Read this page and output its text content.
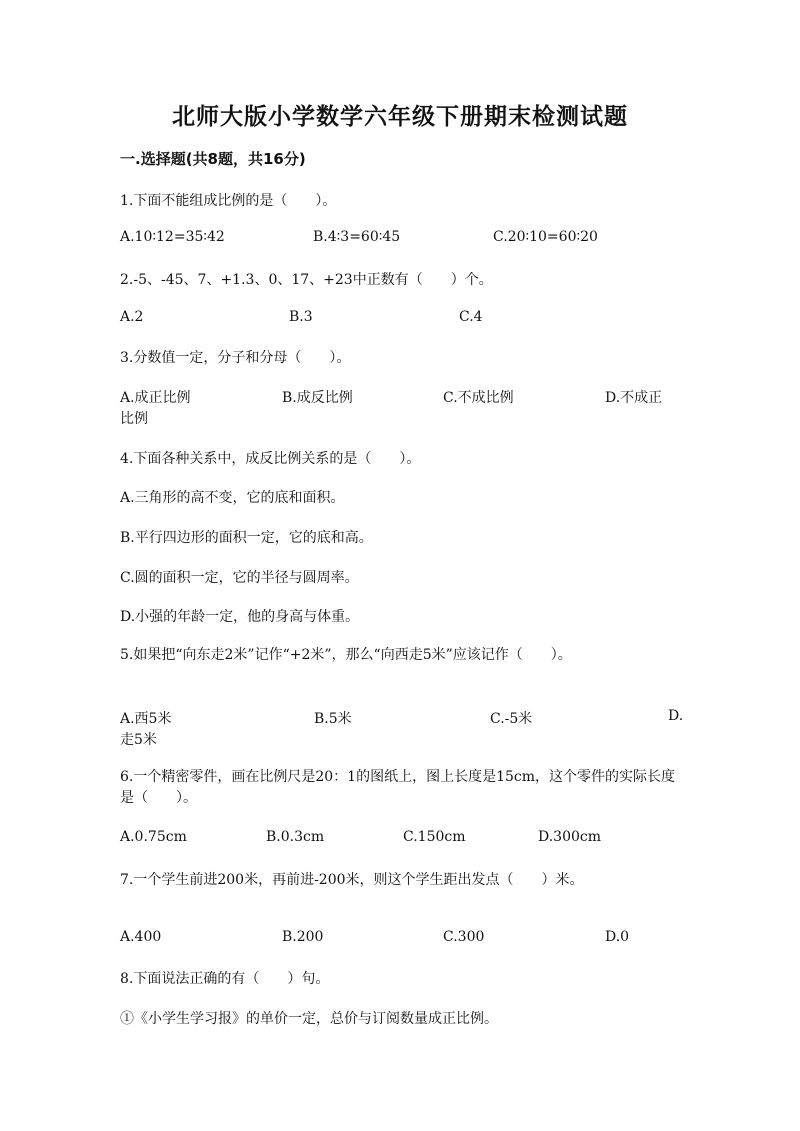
北师大版小学数学六年级下册期末检测试题
一.选择题(共8题，共16分)
1.下面不能组成比例的是（　　）。
A.10∶12=35∶42	B.4∶3=60∶45	C.20∶10=60∶20
2.-5、-45、7、+1.3、0、17、+23中正数有（　　）个。
A.2	B.3	C.4
3.分数值一定，分子和分母（　　）。
A.成正比例	B.成反比例	C.不成比例	D.不成正
比例
4.下面各种关系中，成反比例关系的是（　　）。
A.三角形的高不变，它的底和面积。
B.平行四边形的面积一定，它的底和高。
C.圆的面积一定，它的半径与圆周率。
D.小强的年龄一定，他的身高与体重。
5.如果把“向东走2米”记作“+2米”，那么“向西走5米”应该记作（　　）。
A.西5米	B.5米	C.-5米	D.
走5米
6.一个精密零件，画在比例尺是20：1的图纸上，图上长度是15cm，这个零件的实际长度是（　　）。
A.0.75cm	B.0.3cm	C.150cm	D.300cm
7.一个学生前进200米，再前进-200米，则这个学生距出发点（　　）米。
A.400	B.200	C.300	D.0
8.下面说法正确的有（　　）句。
①《小学生学习报》的单价一定，总价与订阅数量成正比例。
